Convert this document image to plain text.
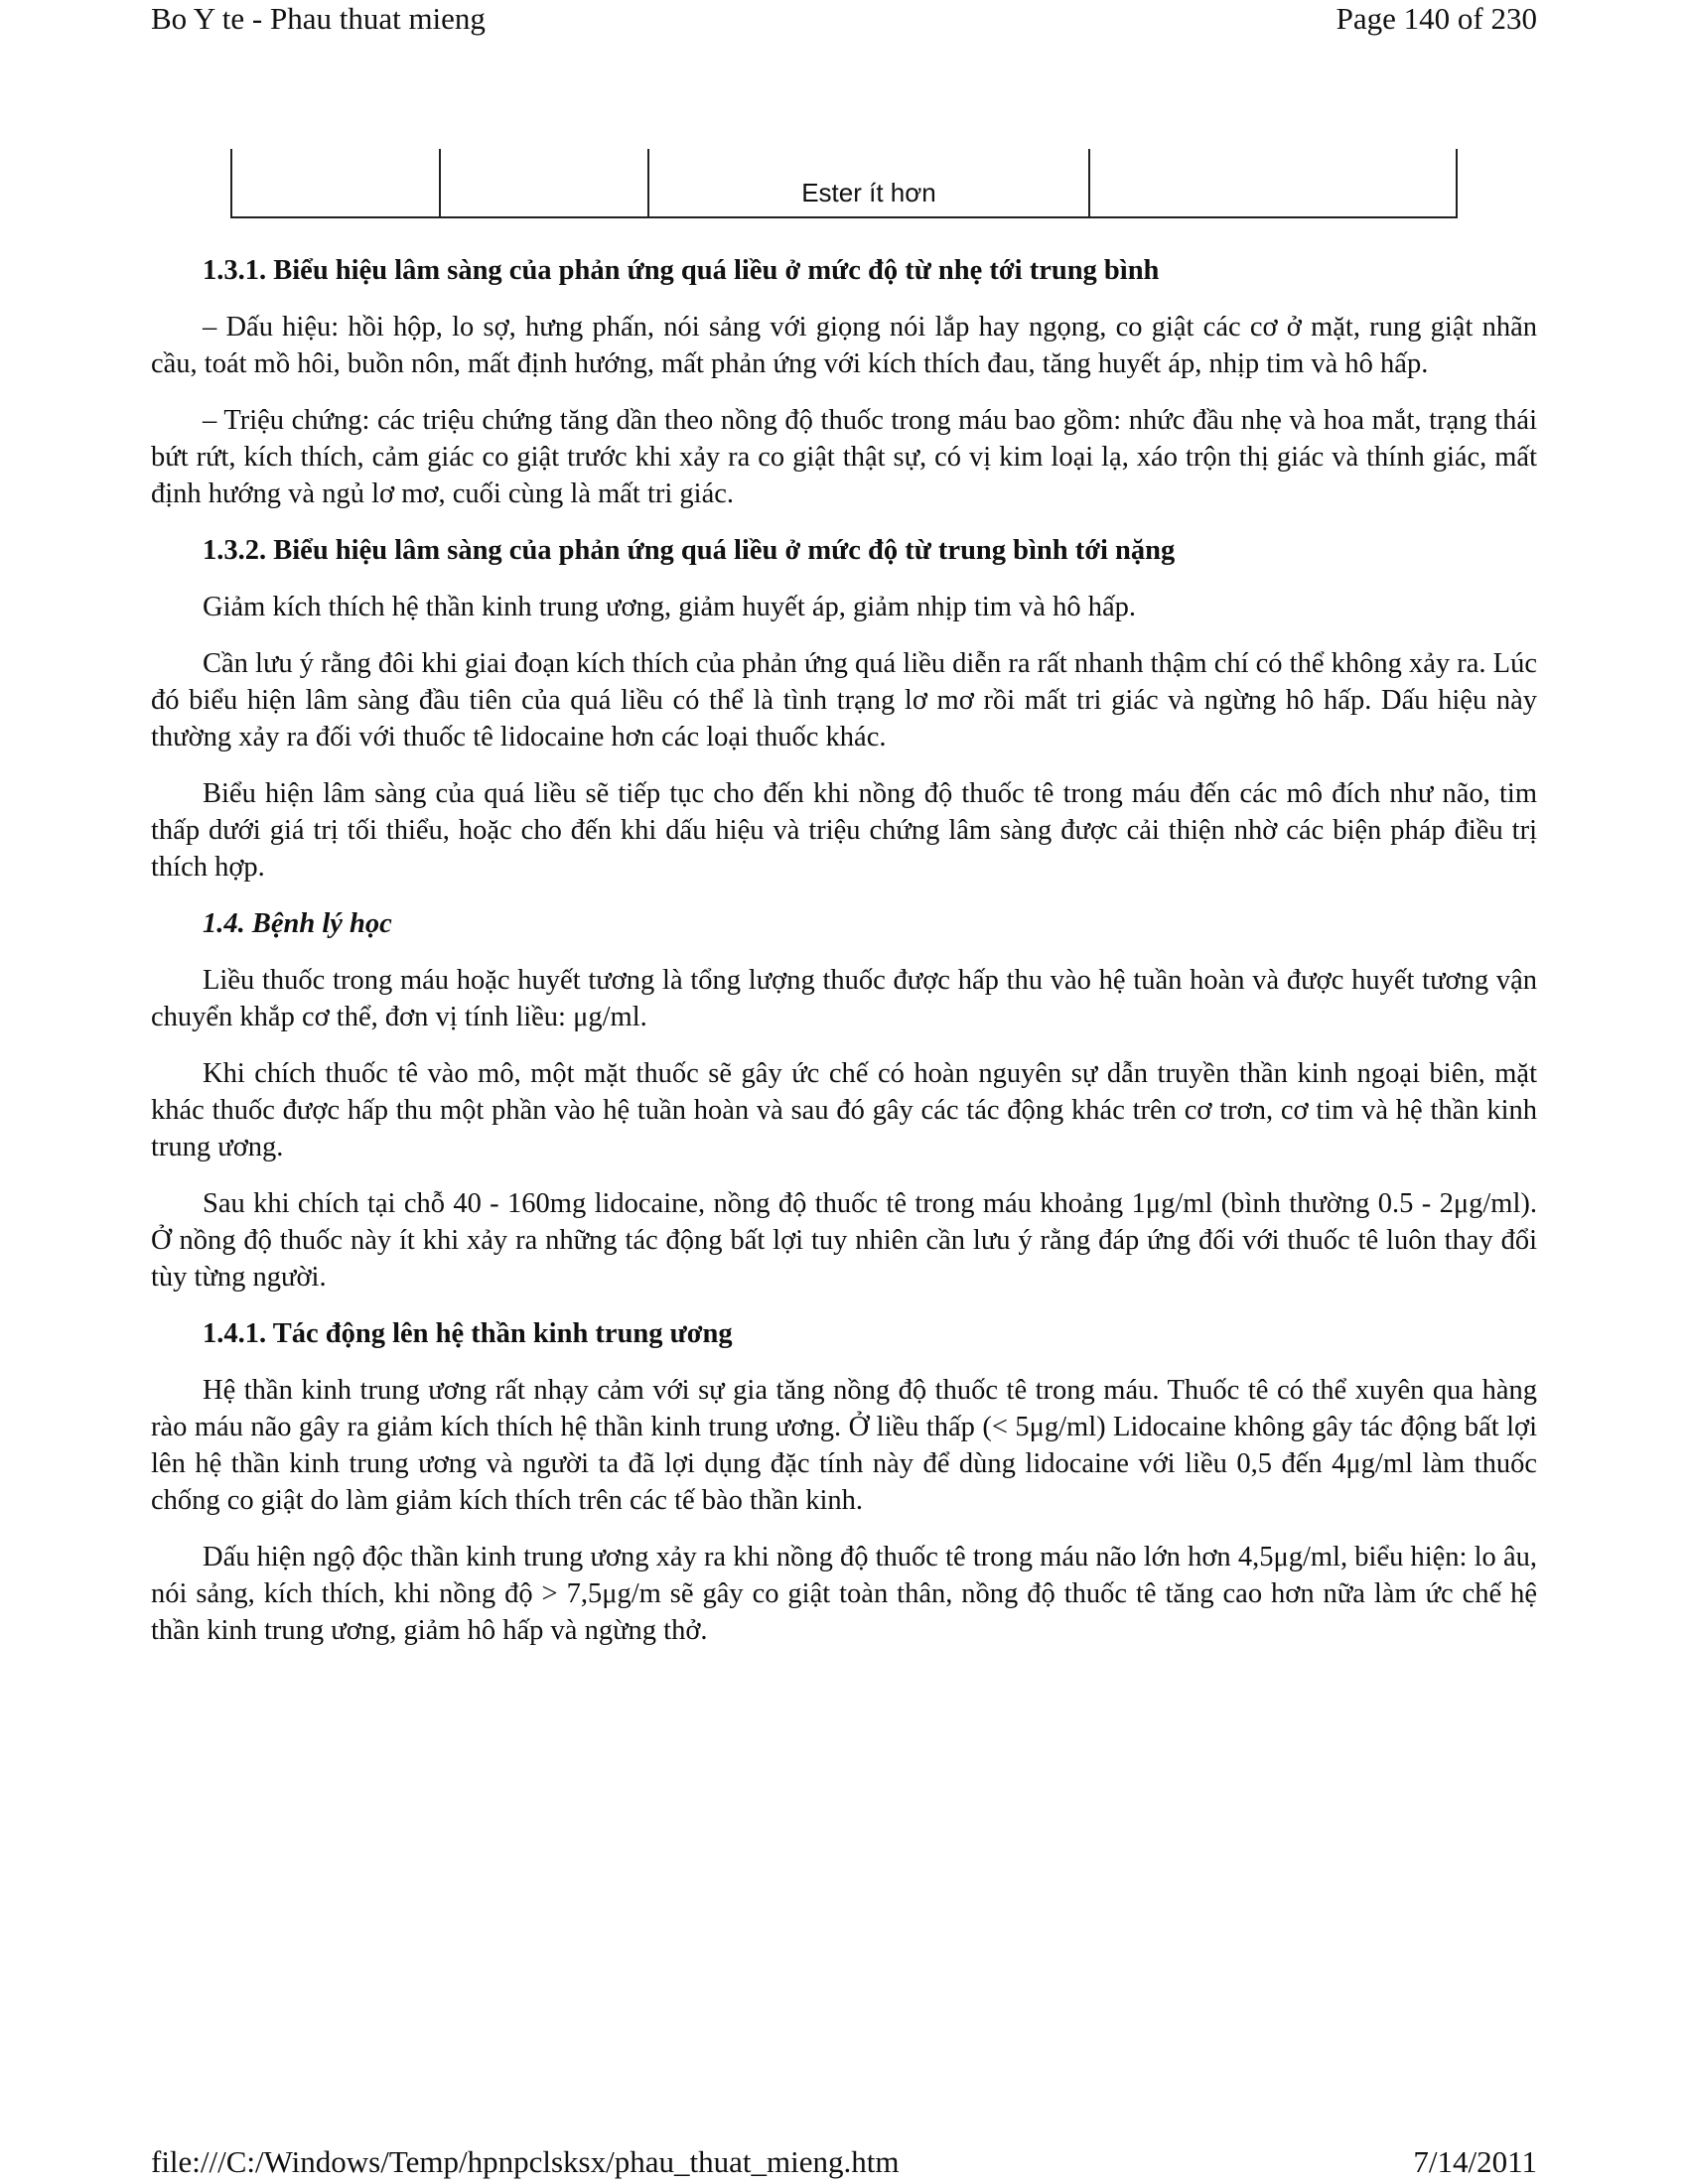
Bo Y te - Phau thuat mieng	Page 140 of 230

Ester ít hơn

1.3.1. Biểu hiệu lâm sàng của phản ứng quá liều ở mức độ từ nhẹ tới trung bình

– Dấu hiệu: hồi hộp, lo sợ, hưng phấn, nói sảng với giọng nói lắp hay ngọng, co giật các cơ ở mặt, rung giật nhãn cầu, toát mồ hôi, buồn nôn, mất định hướng, mất phản ứng với kích thích đau, tăng huyết áp, nhịp tim và hô hấp.

– Triệu chứng: các triệu chứng tăng dần theo nồng độ thuốc trong máu bao gồm: nhức đầu nhẹ và hoa mắt, trạng thái bứt rứt, kích thích, cảm giác co giật trước khi xảy ra co giật thật sự, có vị kim loại lạ, xáo trộn thị giác và thính giác, mất định hướng và ngủ lơ mơ, cuối cùng là mất tri giác.

1.3.2. Biểu hiệu lâm sàng của phản ứng quá liều ở mức độ từ trung bình tới nặng

Giảm kích thích hệ thần kinh trung ương, giảm huyết áp, giảm nhịp tim và hô hấp.

Cần lưu ý rằng đôi khi giai đoạn kích thích của phản ứng quá liều diễn ra rất nhanh thậm chí có thể không xảy ra. Lúc đó biểu hiện lâm sàng đầu tiên của quá liều có thể là tình trạng lơ mơ rồi mất tri giác và ngừng hô hấp. Dấu hiệu này thường xảy ra đối với thuốc tê lidocaine hơn các loại thuốc khác.

Biểu hiện lâm sàng của quá liều sẽ tiếp tục cho đến khi nồng độ thuốc tê trong máu đến các mô đích như não, tim thấp dưới giá trị tối thiểu, hoặc cho đến khi dấu hiệu và triệu chứng lâm sàng được cải thiện nhờ các biện pháp điều trị thích hợp.

1.4. Bệnh lý học

Liều thuốc trong máu hoặc huyết tương là tổng lượng thuốc được hấp thu vào hệ tuần hoàn và được huyết tương vận chuyển khắp cơ thể, đơn vị tính liều: μg/ml.

Khi chích thuốc tê vào mô, một mặt thuốc sẽ gây ức chế có hoàn nguyên sự dẫn truyền thần kinh ngoại biên, mặt khác thuốc được hấp thu một phần vào hệ tuần hoàn và sau đó gây các tác động khác trên cơ trơn, cơ tim và hệ thần kinh trung ương.

Sau khi chích tại chỗ 40 - 160mg lidocaine, nồng độ thuốc tê trong máu khoảng 1μg/ml (bình thường 0.5 - 2μg/ml). Ở nồng độ thuốc này ít khi xảy ra những tác động bất lợi tuy nhiên cần lưu ý rằng đáp ứng đối với thuốc tê luôn thay đổi tùy từng người.

1.4.1. Tác động lên hệ thần kinh trung ương

Hệ thần kinh trung ương rất nhạy cảm với sự gia tăng nồng độ thuốc tê trong máu. Thuốc tê có thể xuyên qua hàng rào máu não gây ra giảm kích thích hệ thần kinh trung ương. Ở liều thấp (< 5μg/ml) Lidocaine không gây tác động bất lợi lên hệ thần kinh trung ương và người ta đã lợi dụng đặc tính này để dùng lidocaine với liều 0,5 đến 4μg/ml làm thuốc chống co giật do làm giảm kích thích trên các tế bào thần kinh.

Dấu hiện ngộ độc thần kinh trung ương xảy ra khi nồng độ thuốc tê trong máu não lớn hơn 4,5μg/ml, biểu hiện: lo âu, nói sảng, kích thích, khi nồng độ > 7,5μg/m sẽ gây co giật toàn thân, nồng độ thuốc tê tăng cao hơn nữa làm ức chế hệ thần kinh trung ương, giảm hô hấp và ngừng thở.

file:///C:/Windows/Temp/hpnpclsksx/phau_thuat_mieng.htm	7/14/2011
